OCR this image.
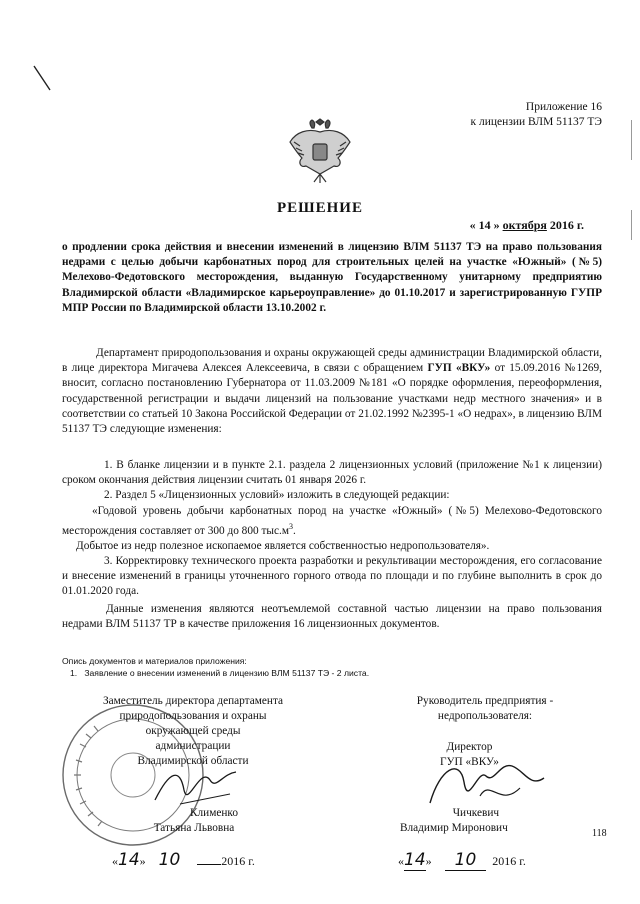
Приложение 16
к лицензии ВЛМ 51137 ТЭ
РЕШЕНИЕ
« 14 » октября 2016 г.
о продлении срока действия и внесении изменений в лицензию ВЛМ 51137 ТЭ на право пользования недрами с целью добычи карбонатных пород для строительных целей на участке «Южный» (№5) Мелехово-Федотовского месторождения, выданную Государственному унитарному предприятию Владимирской области «Владимирское карьероуправление» до 01.10.2017 и зарегистрированную ГУПР МПР России по Владимирской области 13.10.2002 г.
Департамент природопользования и охраны окружающей среды администрации Владимирской области, в лице директора Мигачева Алексея Алексеевича, в связи с обращением ГУП «ВКУ» от 15.09.2016 №1269, вносит, согласно постановлению Губернатора от 11.03.2009 №181 «О порядке оформления, переоформления, государственной регистрации и выдачи лицензий на пользование участками недр местного значения» и в соответствии со статьей 10 Закона Российской Федерации от 21.02.1992 №2395-1 «О недрах», в лицензию ВЛМ 51137 ТЭ следующие изменения:
1. В бланке лицензии и в пункте 2.1. раздела 2 лицензионных условий (приложение №1 к лицензии) сроком окончания действия лицензии считать 01 января 2026 г.
2. Раздел 5 «Лицензионных условий» изложить в следующей редакции:
«Годовой уровень добычи карбонатных пород на участке «Южный» (№5) Мелехово-Федотовского месторождения составляет от 300 до 800 $тыс.м^3$.
Добытое из недр полезное ископаемое является собственностью недропользователя».
3. Корректировку технического проекта разработки и рекультивации месторождения, его согласование и внесение изменений в границы уточненного горного отвода по площади и по глубине выполнить в срок до 01.01.2020 года.
Данные изменения являются неотъемлемой составной частью лицензии на право пользования недрами ВЛМ 51137 ТР в качестве приложения 16 лицензионных документов.
Опись документов и материалов приложения:
1.   Заявление о внесении изменений в лицензию ВЛМ 51137 ТЭ - 2 листа.
Заместитель директора департамента
природопользования и охраны
окружающей среды
администрации
Владимирской области
Клименко
Татьяна Львовна
Руководитель предприятия -
недропользователя:
Директор
ГУП «ВКУ»
Чичкевич
Владимир Миронович	118
«14» 10	2016 г.	«14» 10 2016 г.
